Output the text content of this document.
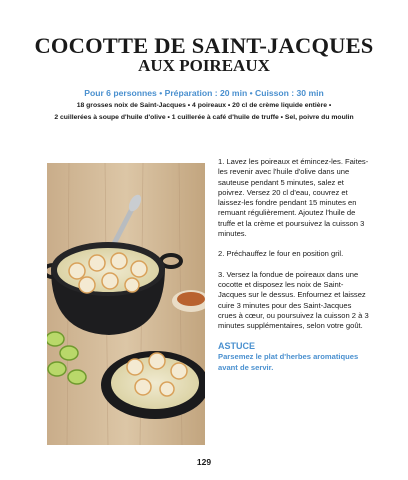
COCOTTE DE SAINT-JACQUES
AUX POIREAUX
Pour 6 personnes • Préparation : 20 min • Cuisson : 30 min
18 grosses noix de Saint-Jacques • 4 poireaux • 20 cl de crème liquide entière •
2 cuillerées à soupe d'huile d'olive • 1 cuillerée à café d'huile de truffe • Sel, poivre du moulin

1. Lavez les poireaux et émincez-les. Faites-les revenir avec l'huile d'olive dans une sauteuse pendant 5 minutes, salez et poivrez. Versez 20 cl d'eau, couvrez et laissez-les fondre pendant 15 minutes en remuant régulièrement. Ajoutez l'huile de truffe et la crème et poursuivez la cuisson 3 minutes.

2. Préchauffez le four en position gril.

3. Versez la fondue de poireaux dans une cocotte et disposez les noix de Saint-Jacques sur le dessus. Enfournez et laissez cuire 3 minutes pour des Saint-Jacques crues à cœur, ou poursuivez la cuisson 2 à 3 minutes supplémentaires, selon votre goût.

ASTUCE
Parsemez le plat d'herbes aromatiques avant de servir.
129
